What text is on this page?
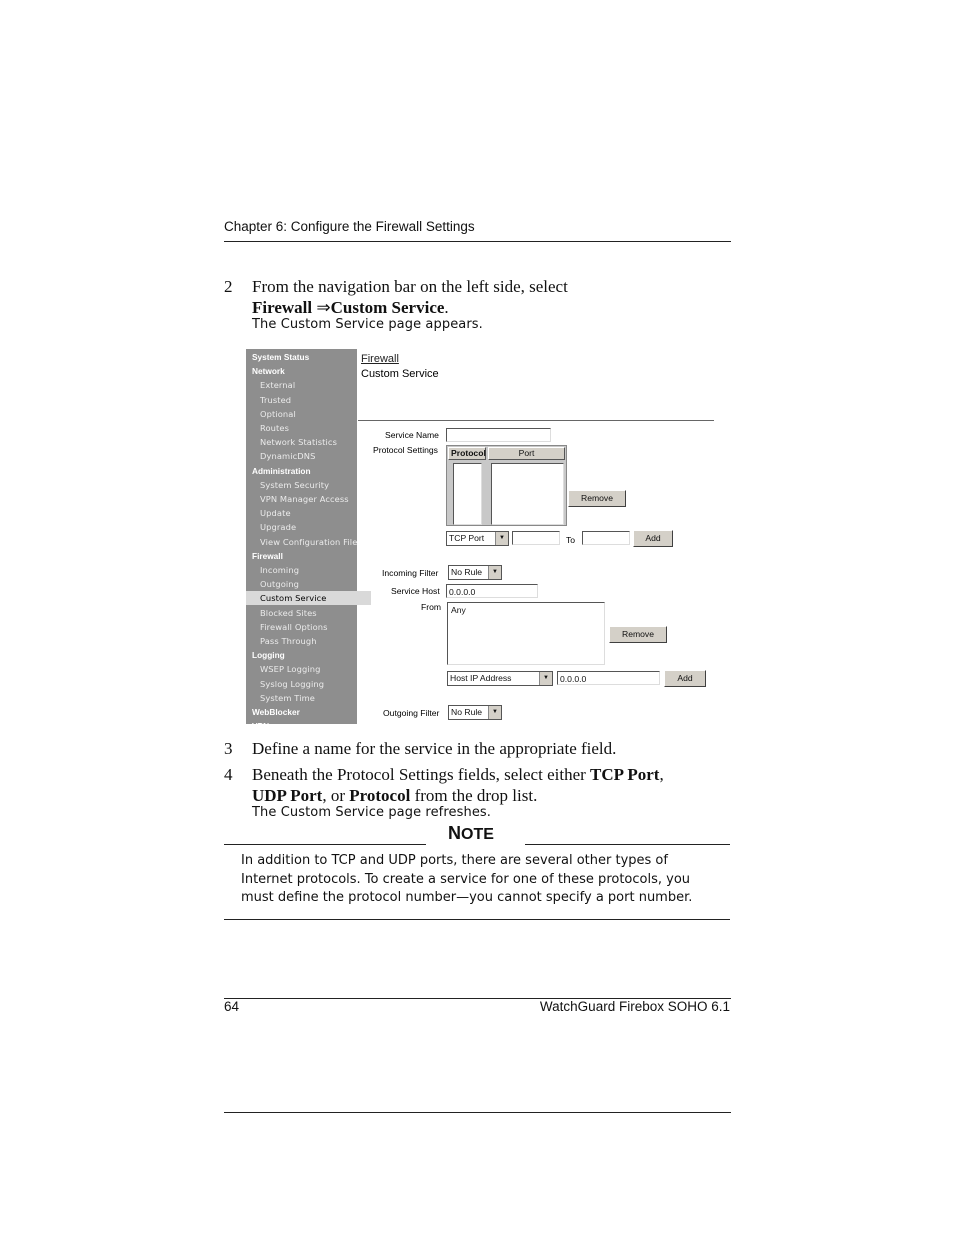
Chapter 6: Configure the Firewall Settings
2	From the navigation bar on the left side, select
Firewall ⇒Custom Service.
The Custom Service page appears.
System Status
Network
External
Trusted
Optional
Routes
Network Statistics
DynamicDNS
Administration
System Security
VPN Manager Access
Update
Upgrade
View Configuration File
Firewall
Incoming
Outgoing
Custom Service
Blocked Sites
Firewall Options
Pass Through
Logging
WSEP Logging
Syslog Logging
System Time
WebBlocker
VPN
Firewall
Custom Service
Service Name
Protocol Settings	Protocol	Port
Remove
TCP Port	▼	To	Add
Incoming Filter	No Rule	▼
Service Host	0.0.0.0
From	Any
Remove
Host IP Address	▼	0.0.0.0	Add
Outgoing Filter	No Rule	▼
3	Define a name for the service in the appropriate field.
4	Beneath the Protocol Settings fields, select either TCP Port,
UDP Port, or Protocol from the drop list.
The Custom Service page refreshes.
NOTE
In addition to TCP and UDP ports, there are several other types of Internet protocols. To create a service for one of these protocols, you must define the protocol number—you cannot specify a port number.
64	WatchGuard Firebox SOHO 6.1
